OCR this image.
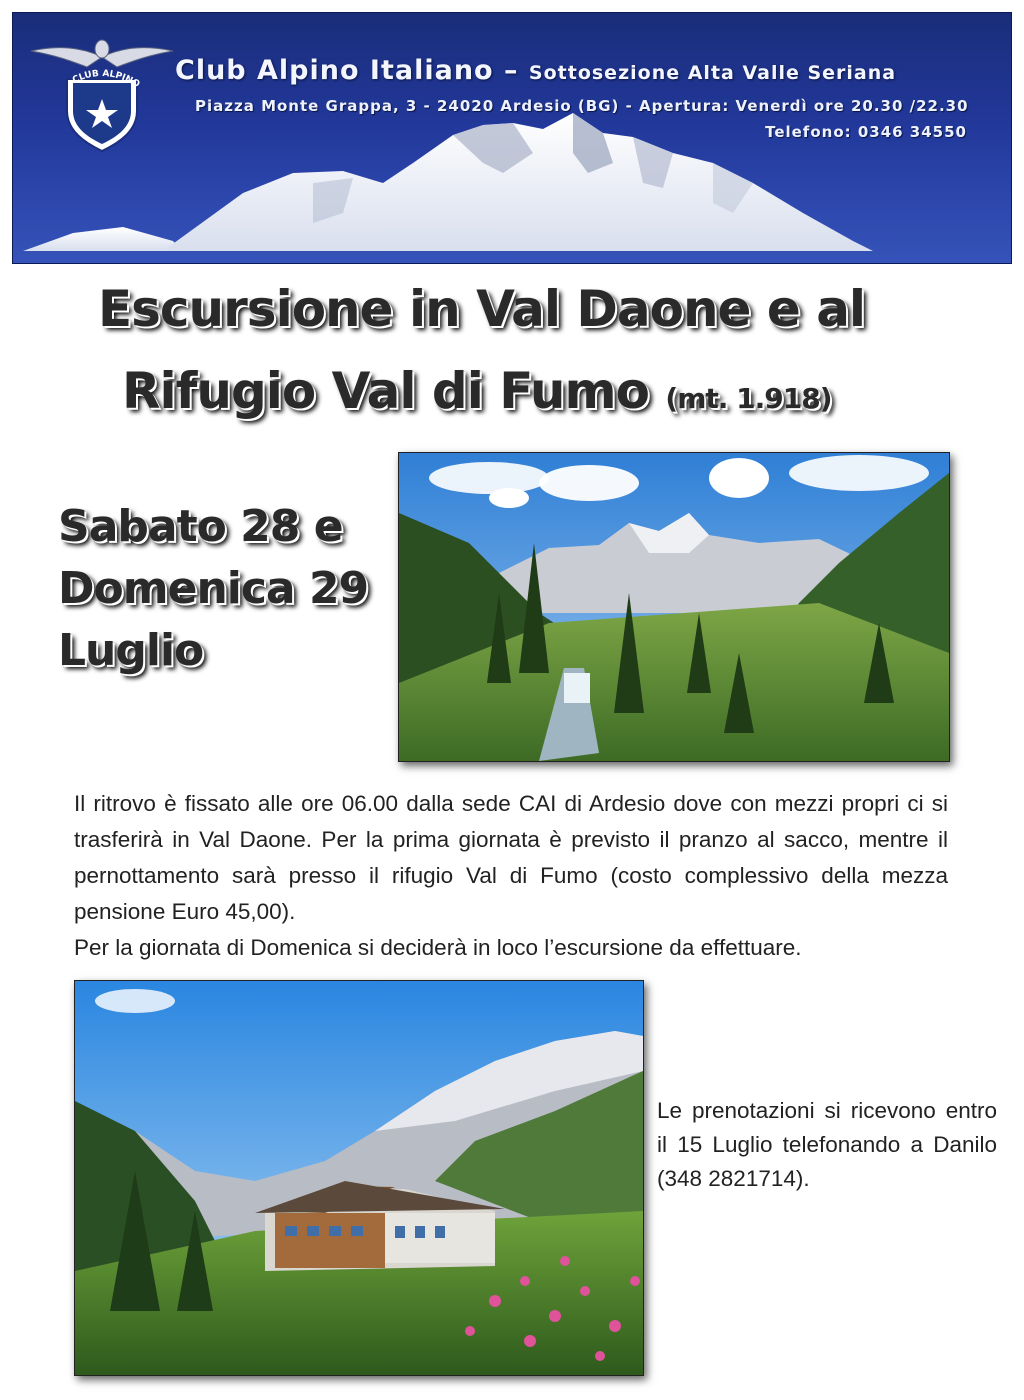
CLUB ALPINO Club Alpino Italiano – Sottosezione Alta Valle Seriana
Piazza Monte Grappa, 3 - 24020 Ardesio (BG) - Apertura: Venerdì ore 20.30 /22.30
Telefono: 0346 34550
Escursione in Val Daone e al
Rifugio Val di Fumo (mt. 1.918)
Sabato 28 e
Domenica 29
Luglio

Il ritrovo è fissato alle ore 06.00 dalla sede CAI di Ardesio dove con mezzi propri ci si trasferirà in Val Daone. Per la prima giornata è previsto il pranzo al sacco, mentre il pernottamento sarà presso il rifugio Val di Fumo (costo complessivo della mezza pensione Euro 45,00).

Per la giornata di Domenica si deciderà in loco l’escursione da effettuare.

Le prenotazioni si ricevono entro il 15 Luglio telefonando a Danilo (348 2821714).
